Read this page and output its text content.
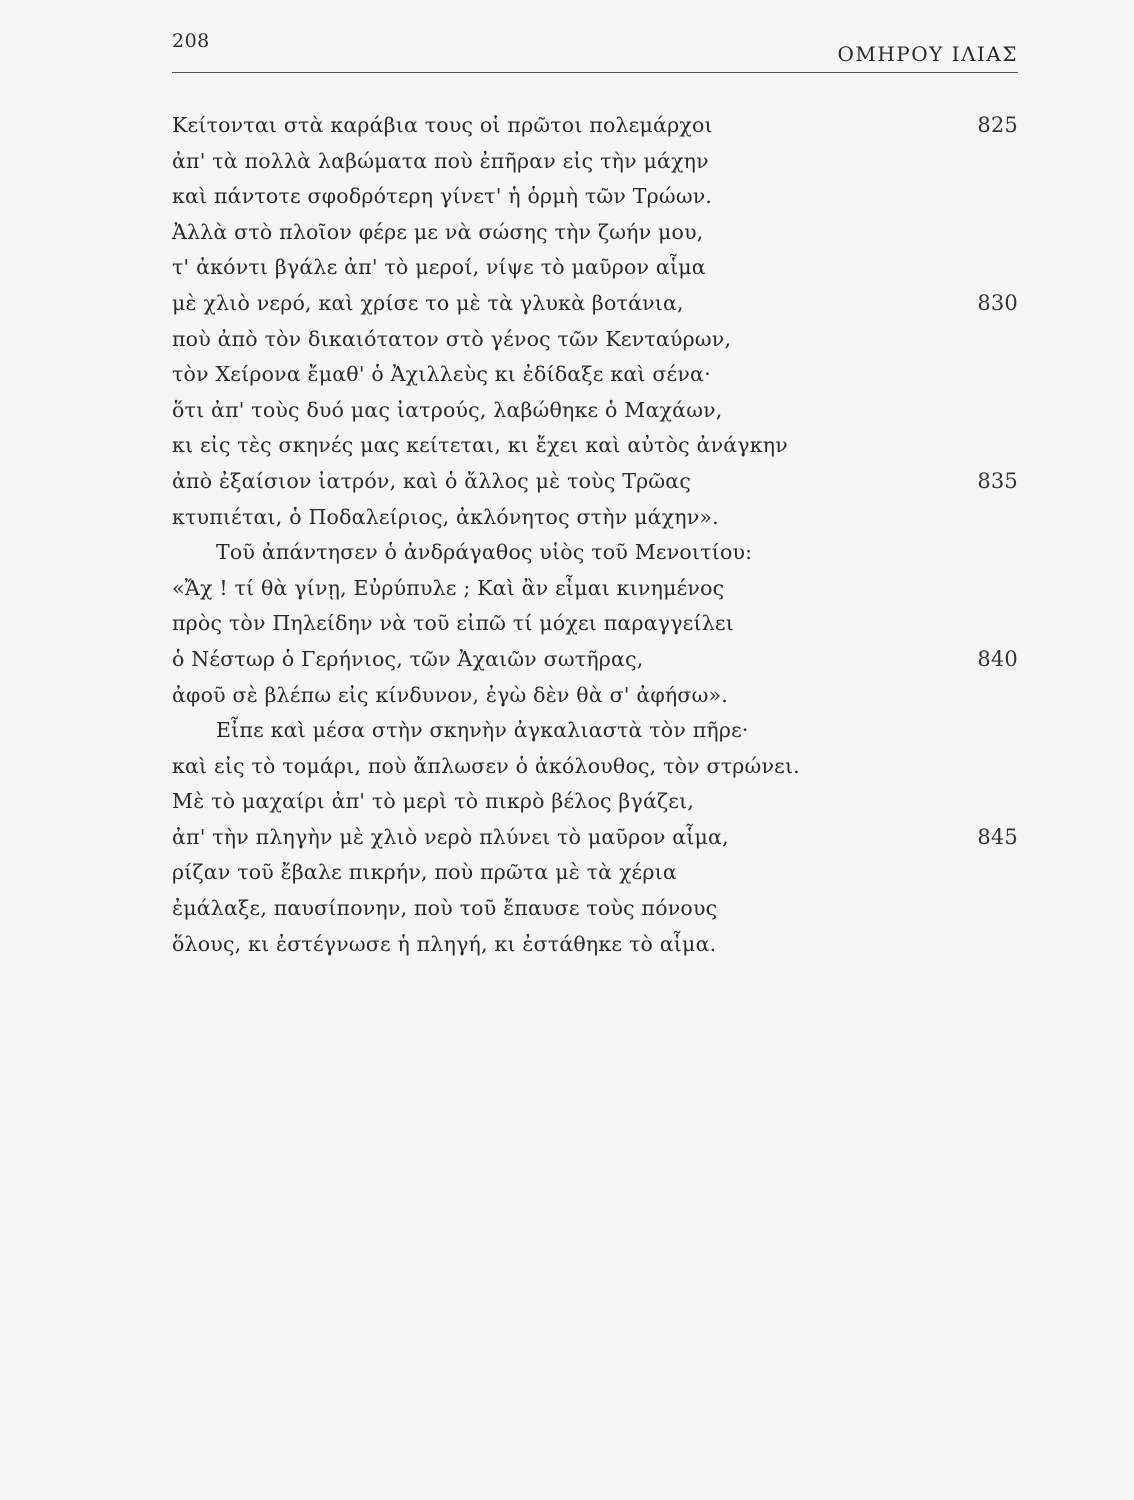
208
ΟΜΗΡΟΥ ΙΛΙΑΣ
Κείτονται στὰ καράβια τους οἱ πρῶτοι πολεμάρχοι	825
ἀπ' τὰ πολλὰ λαβώματα ποὺ ἐπῆραν εἰς τὴν μάχην
καὶ πάντοτε σφοδρότερη γίνετ' ἡ ὁρμὴ τῶν Τρώων.
Ἀλλὰ στὸ πλοῖον φέρε με νὰ σώσης τὴν ζωήν μου,
τ' ἀκόντι βγάλε ἀπ' τὸ μεροί, νίψε τὸ μαῦρον αἷμα
μὲ χλιὸ νερό, καὶ χρίσε το μὲ τὰ γλυκὰ βοτάνια,	830
ποὺ ἀπὸ τὸν δικαιότατον στὸ γένος τῶν Κενταύρων,
τὸν Χείρονα ἔμαθ' ὁ Ἀχιλλεὺς κι ἐδίδαξε καὶ σένα·
ὅτι ἀπ' τοὺς δυό μας ἰατρούς, λαβώθηκε ὁ Μαχάων,
κι εἰς τὲς σκηνές μας κείτεται, κι ἔχει καὶ αὐτὸς ἀνάγκην
ἀπὸ ἐξαίσιον ἰατρόν, καὶ ὁ ἄλλος μὲ τοὺς Τρῶας	835
κτυπιέται, ὁ Ποδαλείριος, ἀκλόνητος στὴν μάχην».
Τοῦ ἀπάντησεν ὁ ἀνδράγαθος υἱὸς τοῦ Μενοιτίου:
«Ἄχ ! τί θὰ γίνῃ, Εὐρύπυλε ; Καὶ ἂν εἶμαι κινημένος
πρὸς τὸν Πηλείδην νὰ τοῦ εἰπῶ τί μόχει παραγγείλει
ὁ Νέστωρ ὁ Γερήνιος, τῶν Ἀχαιῶν σωτῆρας,	840
ἀφοῦ σὲ βλέπω εἰς κίνδυνον, ἐγὼ δὲν θὰ σ' ἀφήσω».
Εἶπε καὶ μέσα στὴν σκηνὴν ἀγκαλιαστὰ τὸν πῆρε·
καὶ εἰς τὸ τομάρι, ποὺ ἄπλωσεν ὁ ἀκόλουθος, τὸν στρώνει.
Μὲ τὸ μαχαίρι ἀπ' τὸ μερὶ τὸ πικρὸ βέλος βγάζει,
ἀπ' τὴν πληγὴν μὲ χλιὸ νερὸ πλύνει τὸ μαῦρον αἷμα,	845
ρίζαν τοῦ ἔβαλε πικρήν, ποὺ πρῶτα μὲ τὰ χέρια
ἐμάλαξε, παυσίπονην, ποὺ τοῦ ἔπαυσε τοὺς πόνους
ὅλους, κι ἐστέγνωσε ἡ πληγή, κι ἐστάθηκε τὸ αἷμα.
